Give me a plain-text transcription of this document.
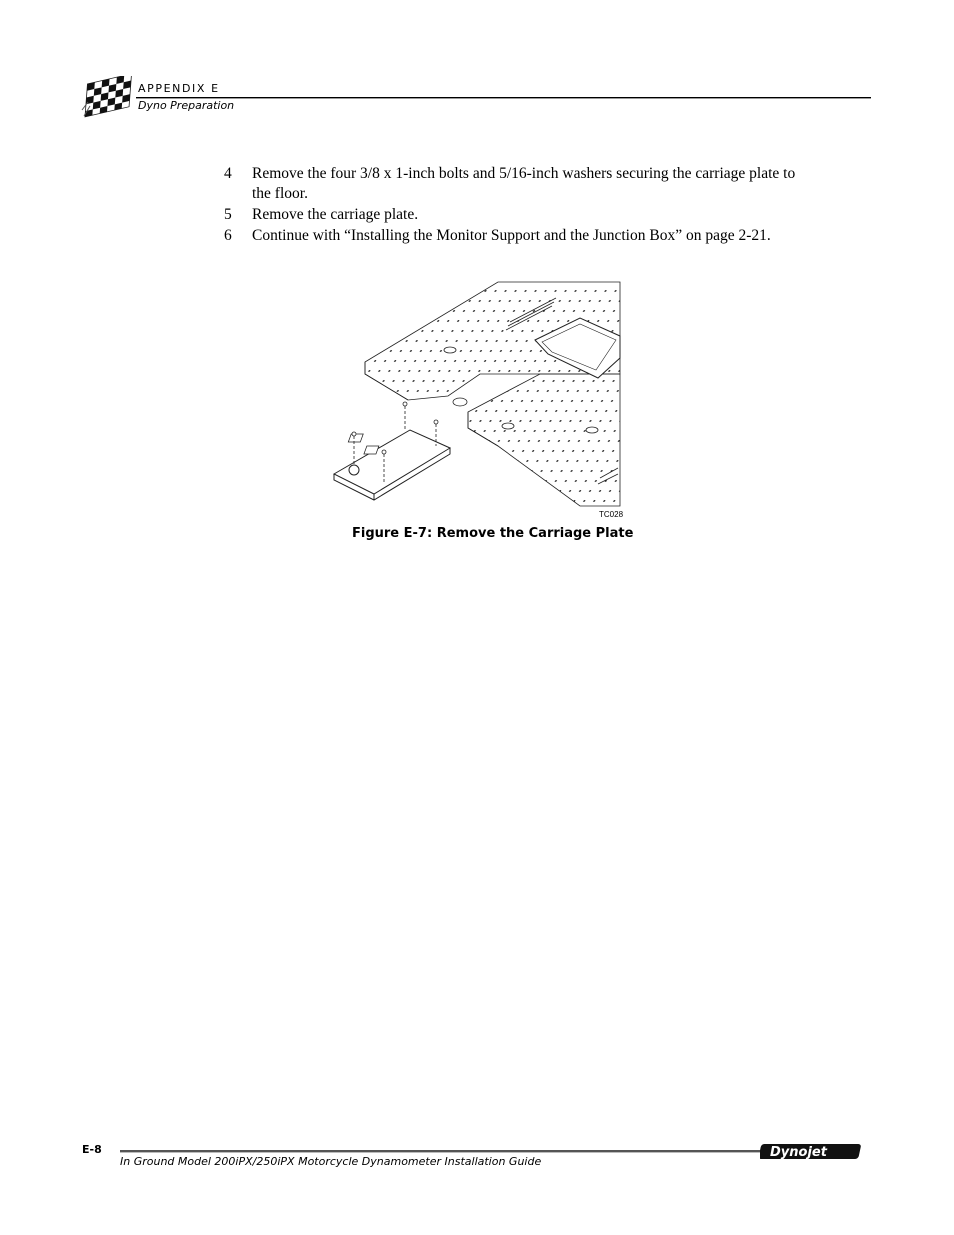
APPENDIX E
Dyno Preparation
4	Remove the four 3/8 x 1-inch bolts and 5/16-inch washers securing the carriage plate to the floor.
5	Remove the carriage plate.
6	Continue with “Installing the Monitor Support and the Junction Box” on page 2-21.
TC028
Figure E-7: Remove the Carriage Plate
E-8
In Ground Model 200iPX/250iPX Motorcycle Dynamometer Installation Guide
Dynojet
